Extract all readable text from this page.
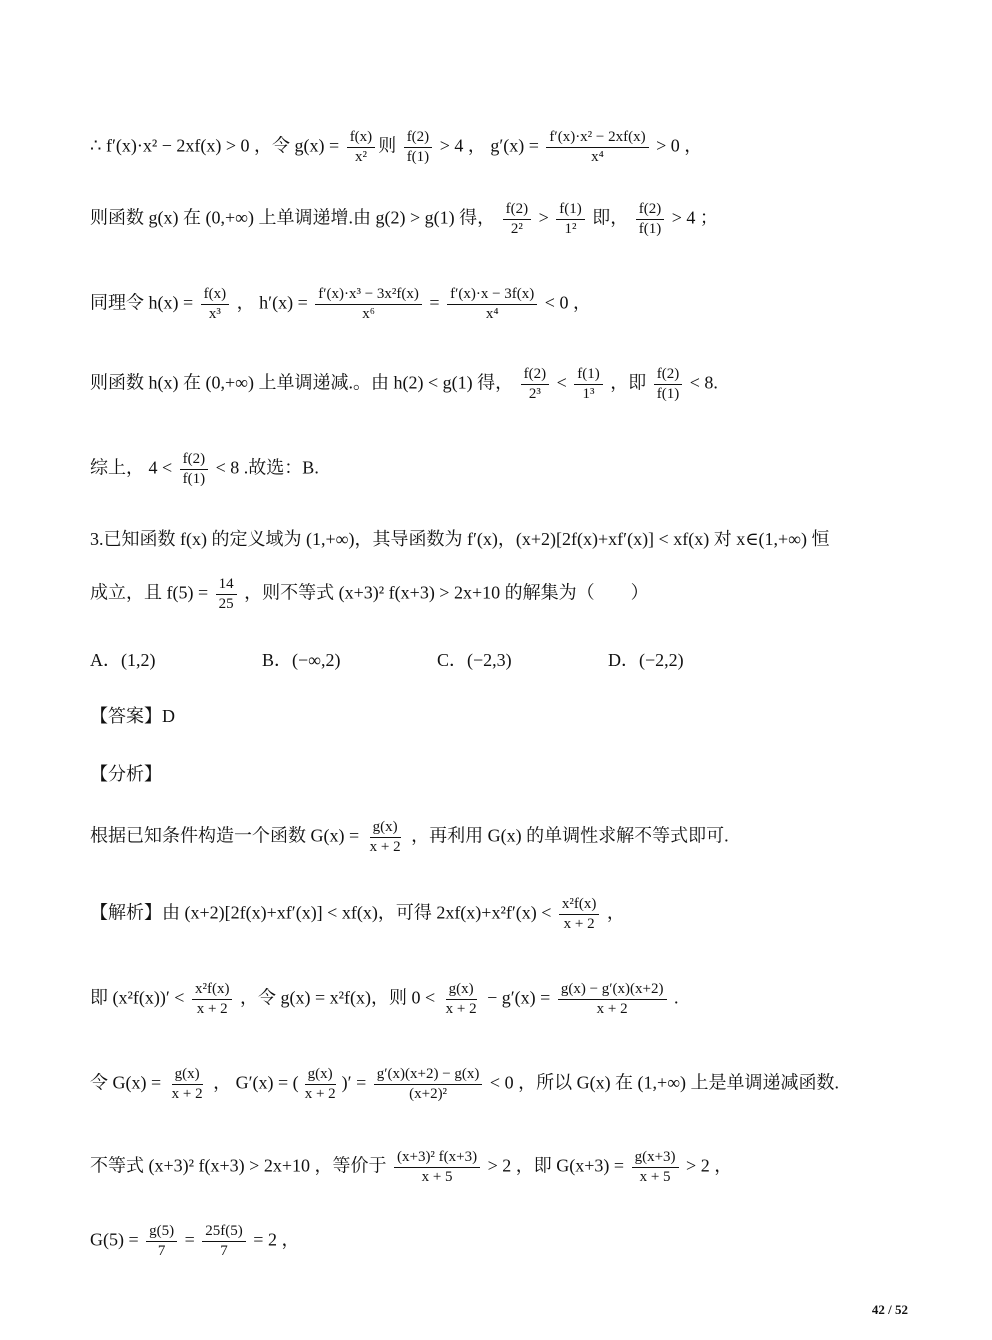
∴ f′(x)·x² − 2xf(x) > 0 ，令 $g(x) = \frac{f(x)}{\text{x²}}$ 则 $\frac{f(2)}{f(1)} > 4$ ， $g'(x) = \frac{\text{f′(x)·x² − 2xf(x)}}{\text{x⁴}} > 0$ ，
则函数 g(x) 在 (0,+∞) 上单调递增.由 g(2) > g(1) 得， $\frac{f(2)}{\text{2²}} > \frac{f(1)}{\text{1²}}$ 即， $\frac{f(2)}{f(1)} > 4$ ；
同理令 $h(x) = \frac{f(x)}{\text{x³}}$ ， $h'(x) = \frac{\text{f′(x)·x³ − 3x²f(x)}}{\text{x⁶}} = \frac{f'(x)\cdot x - 3f(x)}{\text{x⁴}} < 0$ ，
则函数 h(x) 在 (0,+∞) 上单调递减.。由 h(2) < g(1) 得， $\frac{f(2)}{\text{2³}} < \frac{f(1)}{\text{1³}}$ ，即 $\frac{f(2)}{f(1)} < 8$.
综上， $4 < \frac{f(2)}{f(1)} < 8$ .故选：B.
3.已知函数 f(x) 的定义域为 (1,+∞)，其导函数为 f′(x)，(x+2)[2f(x)+xf′(x)] < xf(x) 对 x∈(1,+∞) 恒
成立，且 $f(5) = \frac{14}{25}$ ，则不等式 (x+3)² f(x+3) > 2x+10 的解集为（　　）
【答案】D
【分析】
根据已知条件构造一个函数 $G(x) = \frac{g(x)}{x + 2}$ ，再利用 G(x) 的单调性求解不等式即可.
【解析】由 (x+2)[2f(x)+xf′(x)] < xf(x)，可得 $2xf(x)+x^2f'(x) < \frac{\text{x²f(x)}}{x + 2}$ ，
即 $(x^2f(x))' < \frac{\text{x²f(x)}}{x + 2}$ ，令 g(x) = x²f(x)，则 $0 < \frac{g(x)}{x + 2} - g'(x) = \frac{g(x) - g'(x)(x+2)}{x + 2}$ .
令 $G(x) = \frac{g(x)}{x + 2}$ ， G′(x) = ( $\frac{g(x)}{x + 2}$ )′ = $\frac{g'(x)(x+2) - g(x)}{\text{(x+2)²}} < 0$ ，所以 G(x) 在 (1,+∞) 上是单调递减函数.
不等式 (x+3)² f(x+3) > 2x+10 ，等价于 $\frac{\text{(x+3)² f(x+3)}}{x + 5} > 2$ ，即 $G(x+3) = \frac{g(x+3)}{x + 5} > 2$ ，
$G(5) = \frac{g(5)}{7} = \frac{25f(5)}{7} = 2$ ，
A．(1,2)	B．(−∞,2)	C．(−2,3)	D．(−2,2)
42 / 52
